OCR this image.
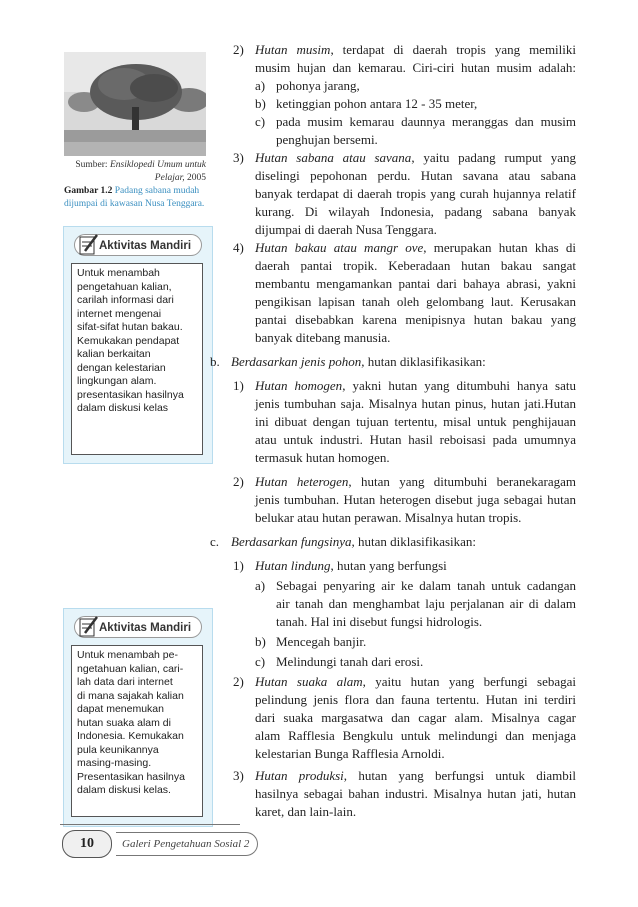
Sumber: Ensiklopedi Umum untuk Pelajar, 2005
Gambar 1.2 Padang sabana mudah dijumpai di kawasan Nusa Tenggara.
Aktivitas Mandiri
Untuk menambah
pengetahuan kalian,
carilah informasi dari
internet mengenai
sifat-sifat hutan bakau.
Kemukakan pendapat
kalian berkaitan
dengan kelestarian
lingkungan alam.
presentasikan hasilnya
dalam diskusi kelas
Aktivitas Mandiri
Untuk menambah pe-
ngetahuan kalian, cari-
lah data dari internet
di mana sajakah kalian
dapat menemukan
hutan suaka alam di
Indonesia. Kemukakan
pula keunikannya
masing-masing.
Presentasikan hasilnya
dalam diskusi kelas.
2) Hutan musim, terdapat di daerah tropis yang memiliki
musim hujan dan kemarau. Ciri-ciri hutan musim adalah:
a) pohonya jarang,
b) ketinggian pohon antara 12 - 35 meter,
c) pada musim kemarau daunnya meranggas dan musim
penghujan bersemi.
3) Hutan sabana atau savana, yaitu padang rumput yang
diselingi pepohonan perdu. Hutan savana atau sabana
banyak terdapat di daerah tropis yang curah hujannya relatif
kurang. Di wilayah Indonesia, padang sabana banyak
dijumpai di daerah Nusa Tenggara.
4) Hutan bakau atau mangr ove, merupakan hutan khas di
daerah pantai tropik. Keberadaan hutan bakau sangat
membantu mengamankan pantai dari bahaya abrasi, yakni
pengikisan lapisan tanah oleh gelombang laut. Kerusakan
pantai disebabkan karena menipisnya hutan bakau yang
banyak ditebang manusia.
b. Berdasarkan jenis pohon, hutan diklasifikasikan:
1) Hutan homogen, yakni hutan yang ditumbuhi hanya satu
jenis tumbuhan saja. Misalnya hutan pinus, hutan jati.Hutan
ini dibuat dengan tujuan tertentu, misal untuk penghijauan
atau untuk industri. Hutan hasil reboisasi pada umumnya
termasuk hutan homogen.
2) Hutan heterogen, hutan yang ditumbuhi beranekaragam
jenis tumbuhan. Hutan heterogen disebut juga sebagai hutan
belukar atau hutan perawan. Misalnya hutan tropis.
c. Berdasarkan fungsinya, hutan diklasifikasikan:
1) Hutan lindung, hutan yang berfungsi
a) Sebagai penyaring air ke dalam tanah untuk cadangan
air tanah dan menghambat laju perjalanan air di dalam
tanah. Hal ini disebut fungsi hidrologis.
b) Mencegah banjir.
c) Melindungi tanah dari erosi.
2) Hutan suaka alam, yaitu hutan yang berfungi sebagai
pelindung jenis flora dan fauna tertentu. Hutan ini terdiri
dari suaka margasatwa dan cagar alam. Misalnya cagar
alam Rafflesia Bengkulu untuk melindungi dan menjaga
kelestarian Bunga Rafflesia Arnoldi.
3) Hutan produksi, hutan yang berfungsi untuk diambil
hasilnya sebagai bahan industri. Misalnya hutan jati, hutan
karet, dan lain-lain.
10	Galeri Pengetahuan Sosial 2
